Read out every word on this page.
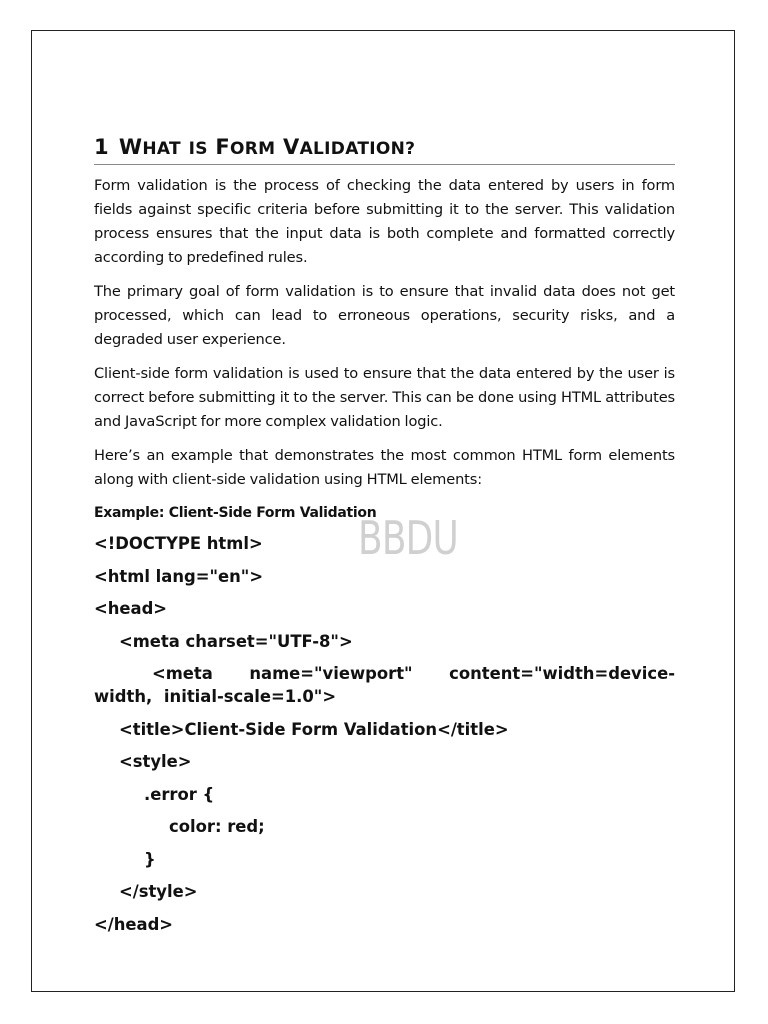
BBDU
1 WHAT IS FORM VALIDATION?

Form validation is the process of checking the data entered by users in form fields against specific criteria before submitting it to the server. This validation process ensures that the input data is both complete and formatted correctly according to predefined rules.

The primary goal of form validation is to ensure that invalid data does not get processed, which can lead to erroneous operations, security risks, and a degraded user experience.

Client-side form validation is used to ensure that the data entered by the user is correct before submitting it to the server. This can be done using HTML attributes and JavaScript for more complex validation logic.

Here’s an example that demonstrates the most common HTML form elements along with client-side validation using HTML elements:

Example: Client-Side Form Validation
<!DOCTYPE html>
<html lang="en">
<head>
<meta charset="UTF-8">
<meta name="viewport" content="width=device-width, initial-scale=1.0">
<title>Client-Side Form Validation</title>
<style>
.error {
color: red;
}
</style>
</head>
